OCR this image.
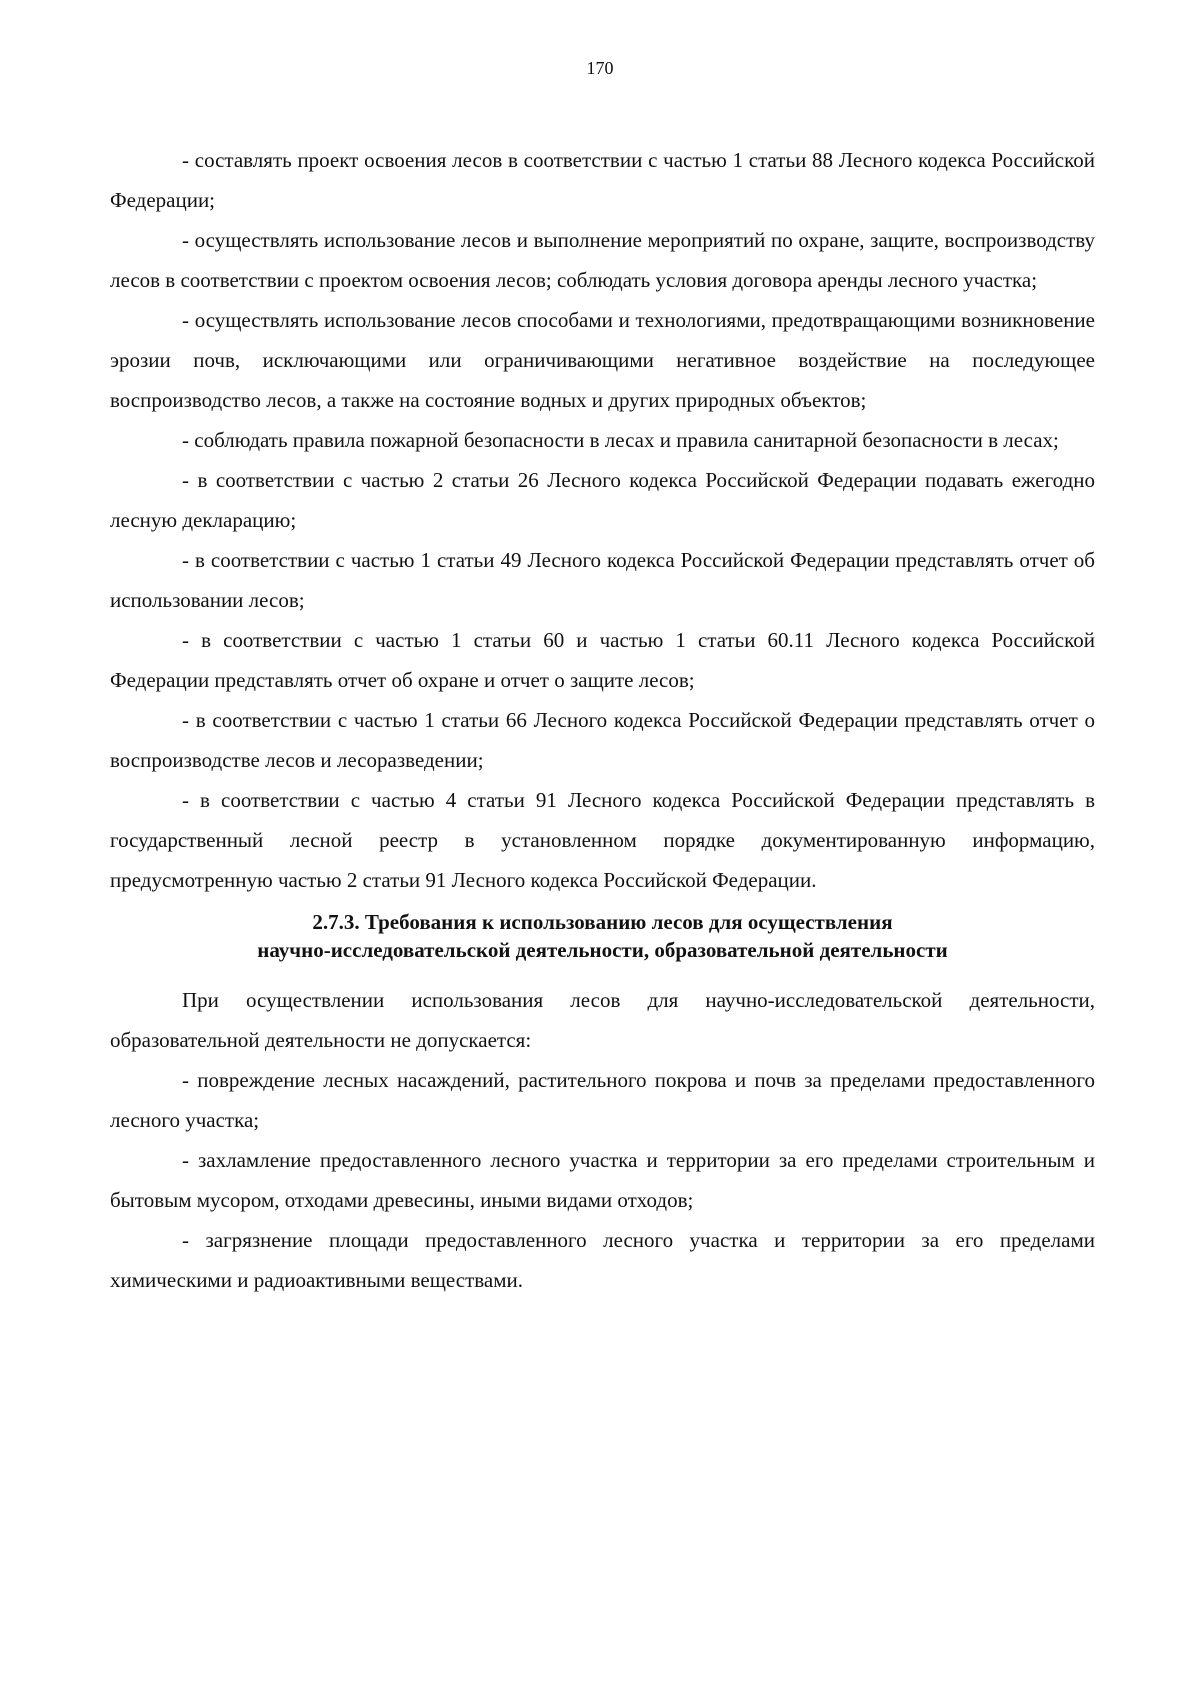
170

- составлять проект освоения лесов в соответствии с частью 1 статьи 88 Лесного кодекса Российской Федерации;

- осуществлять использование лесов и выполнение мероприятий по охране, защите, воспроизводству лесов в соответствии с проектом освоения лесов; соблюдать условия договора аренды лесного участка;

- осуществлять использование лесов способами и технологиями, предотвращающими возникновение эрозии почв, исключающими или ограничивающими негативное воздействие на последующее воспроизводство лесов, а также на состояние водных и других природных объектов;

- соблюдать правила пожарной безопасности в лесах и правила санитарной безопасности в лесах;

- в соответствии с частью 2 статьи 26 Лесного кодекса Российской Федерации подавать ежегодно лесную декларацию;

- в соответствии с частью 1 статьи 49 Лесного кодекса Российской Федерации представлять отчет об использовании лесов;

- в соответствии с частью 1 статьи 60 и частью 1 статьи 60.11 Лесного кодекса Российской Федерации представлять отчет об охране и отчет о защите лесов;

- в соответствии с частью 1 статьи 66 Лесного кодекса Российской Федерации представлять отчет о воспроизводстве лесов и лесоразведении;

- в соответствии с частью 4 статьи 91 Лесного кодекса Российской Федерации представлять в государственный лесной реестр в установленном порядке документированную информацию, предусмотренную частью 2 статьи 91 Лесного кодекса Российской Федерации.

2.7.3. Требования к использованию лесов для осуществления
научно-исследовательской деятельности, образовательной деятельности

При осуществлении использования лесов для научно-исследовательской деятельности, образовательной деятельности не допускается:

- повреждение лесных насаждений, растительного покрова и почв за пределами предоставленного лесного участка;

- захламление предоставленного лесного участка и территории за его пределами строительным и бытовым мусором, отходами древесины, иными видами отходов;

- загрязнение площади предоставленного лесного участка и территории за его пределами химическими и радиоактивными веществами.
